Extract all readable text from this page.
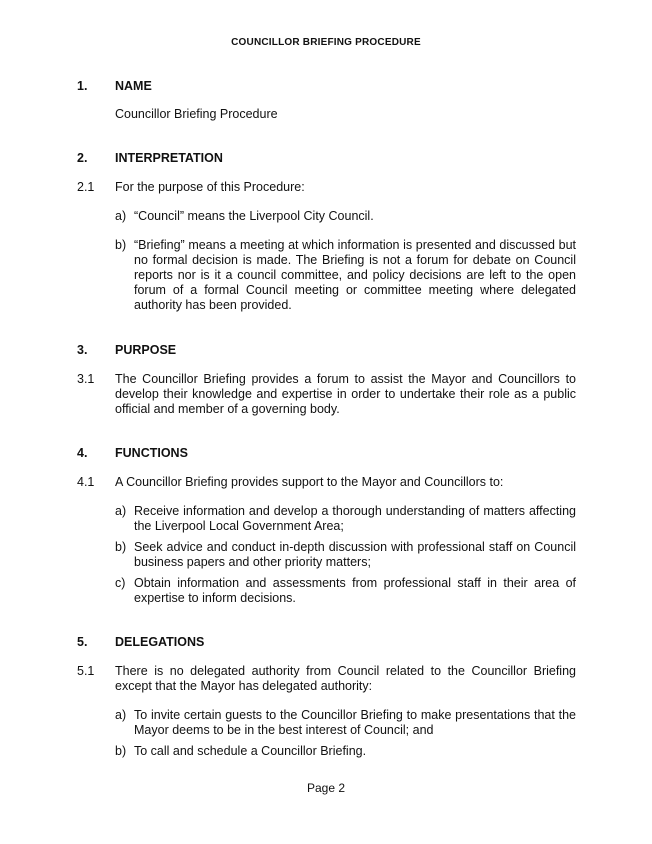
COUNCILLOR BRIEFING PROCEDURE
1. NAME
Councillor Briefing Procedure
2. INTERPRETATION
2.1 For the purpose of this Procedure:
a) “Council” means the Liverpool City Council.
b) “Briefing” means a meeting at which information is presented and discussed but no formal decision is made. The Briefing is not a forum for debate on Council reports nor is it a council committee, and policy decisions are left to the open forum of a formal Council meeting or committee meeting where delegated authority has been provided.
3. PURPOSE
3.1 The Councillor Briefing provides a forum to assist the Mayor and Councillors to develop their knowledge and expertise in order to undertake their role as a public official and member of a governing body.
4. FUNCTIONS
4.1 A Councillor Briefing provides support to the Mayor and Councillors to:
a) Receive information and develop a thorough understanding of matters affecting the Liverpool Local Government Area;
b) Seek advice and conduct in-depth discussion with professional staff on Council business papers and other priority matters;
c) Obtain information and assessments from professional staff in their area of expertise to inform decisions.
5. DELEGATIONS
5.1 There is no delegated authority from Council related to the Councillor Briefing except that the Mayor has delegated authority:
a) To invite certain guests to the Councillor Briefing to make presentations that the Mayor deems to be in the best interest of Council; and
b) To call and schedule a Councillor Briefing.
Page 2
